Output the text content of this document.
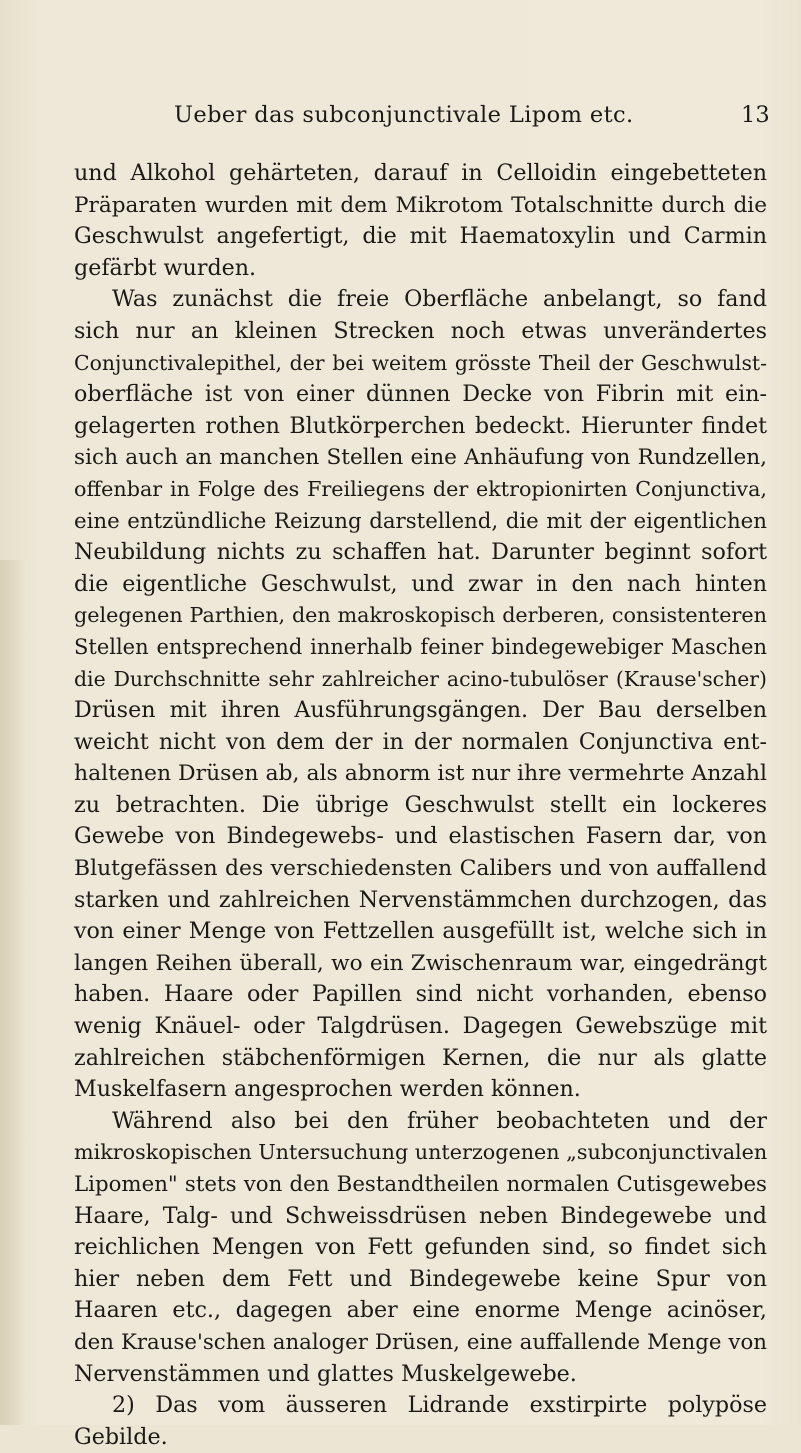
Ueber das subconjunctivale Lipom etc.	13
und Alkohol gehärteten, darauf in Celloidin eingebetteten
Präparaten wurden mit dem Mikrotom Totalschnitte durch die
Geschwulst angefertigt, die mit Haematoxylin und Carmin
gefärbt wurden.
Was zunächst die freie Oberfläche anbelangt, so fand
sich nur an kleinen Strecken noch etwas unverändertes
Conjunctivalepithel, der bei weitem grösste Theil der Geschwulst-
oberfläche ist von einer dünnen Decke von Fibrin mit ein-
gelagerten rothen Blutkörperchen bedeckt. Hierunter findet
sich auch an manchen Stellen eine Anhäufung von Rundzellen,
offenbar in Folge des Freiliegens der ektropionirten Conjunctiva,
eine entzündliche Reizung darstellend, die mit der eigentlichen
Neubildung nichts zu schaffen hat. Darunter beginnt sofort
die eigentliche Geschwulst, und zwar in den nach hinten
gelegenen Parthien, den makroskopisch derberen, consistenteren
Stellen entsprechend innerhalb feiner bindegewebiger Maschen
die Durchschnitte sehr zahlreicher acino-tubulöser (Krause'scher)
Drüsen mit ihren Ausführungsgängen. Der Bau derselben
weicht nicht von dem der in der normalen Conjunctiva ent-
haltenen Drüsen ab, als abnorm ist nur ihre vermehrte Anzahl
zu betrachten. Die übrige Geschwulst stellt ein lockeres
Gewebe von Bindegewebs- und elastischen Fasern dar, von
Blutgefässen des verschiedensten Calibers und von auffallend
starken und zahlreichen Nervenstämmchen durchzogen, das
von einer Menge von Fettzellen ausgefüllt ist, welche sich in
langen Reihen überall, wo ein Zwischenraum war, eingedrängt
haben. Haare oder Papillen sind nicht vorhanden, ebenso
wenig Knäuel- oder Talgdrüsen. Dagegen Gewebszüge mit
zahlreichen stäbchenförmigen Kernen, die nur als glatte
Muskelfasern angesprochen werden können.
Während also bei den früher beobachteten und der
mikroskopischen Untersuchung unterzogenen „subconjunctivalen
Lipomen" stets von den Bestandtheilen normalen Cutisgewebes
Haare, Talg- und Schweissdrüsen neben Bindegewebe und
reichlichen Mengen von Fett gefunden sind, so findet sich
hier neben dem Fett und Bindegewebe keine Spur von
Haaren etc., dagegen aber eine enorme Menge acinöser,
den Krause'schen analoger Drüsen, eine auffallende Menge von
Nervenstämmen und glattes Muskelgewebe.
2) Das vom äusseren Lidrande exstirpirte polypöse
Gebilde.
